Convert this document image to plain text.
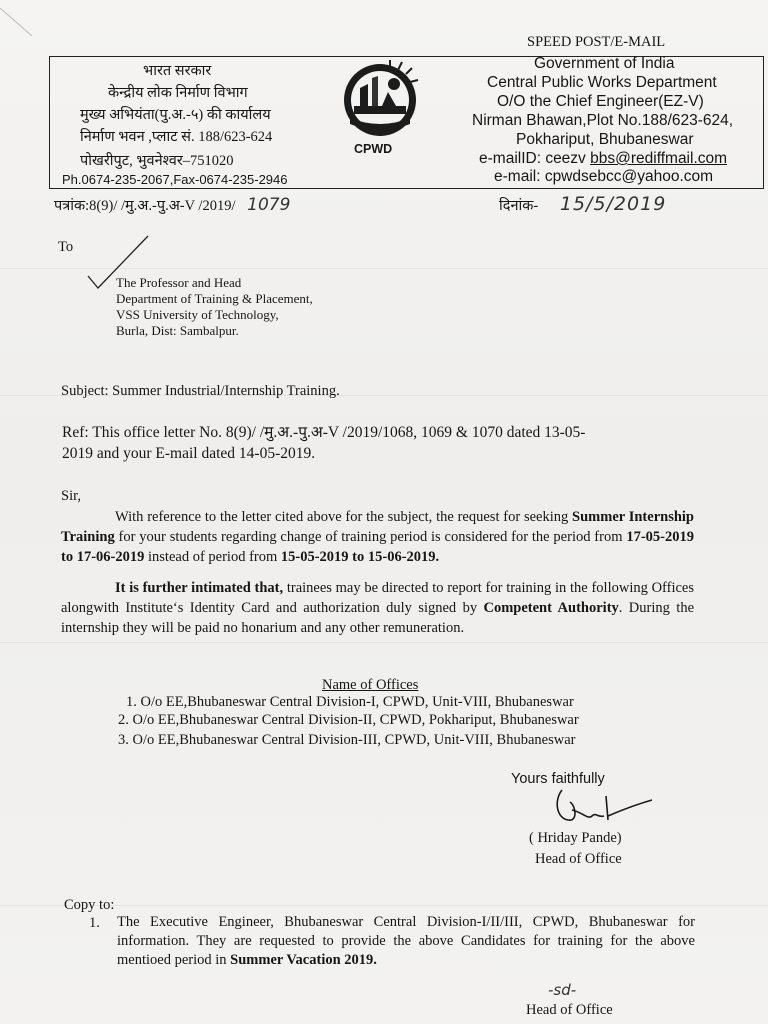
SPEED POST/E-MAIL
भारत सरकार
केन्द्रीय लोक निर्माण विभाग
मुख्य अभियंता(पु.अ.-५) की कार्यालय
निर्माण भवन ,प्लाट सं. 188/623-624
पोखरीपुट, भुवनेश्वर–751020
Ph.0674-235-2067,Fax-0674-235-2946
CPWD
Government of India
Central Public Works Department
O/O the Chief Engineer(EZ-V)
Nirman Bhawan,Plot No.188/623-624,
Pokhariput, Bhubaneswar
e-mailID: ceezv bbs@rediffmail.com
e-mail: cpwdsebcc@yahoo.com
पत्रांक:8(9)/ /मु.अ.-पु.अ-V /2019/ 1079	दिनांक- 15/5/2019
To
The Professor and Head
Department of Training & Placement,
VSS University of Technology,
Burla, Dist: Sambalpur.
Subject: Summer Industrial/Internship Training.
Ref: This office letter No. 8(9)/ /मु.अ.-पु.अ-V /2019/1068, 1069 & 1070 dated 13-05-
2019 and your E-mail dated 14-05-2019.
Sir,
With reference to the letter cited above for the subject, the request for seeking Summer Internship Training for your students regarding change of training period is considered for the period from 17-05-2019 to 17-06-2019 instead of period from 15-05-2019 to 15-06-2019.
It is further intimated that, trainees may be directed to report for training in the following Offices alongwith Institute‘s Identity Card and authorization duly signed by Competent Authority. During the internship they will be paid no honarium and any other remuneration.
Name of Offices
1. O/o EE,Bhubaneswar Central Division-I, CPWD, Unit-VIII, Bhubaneswar
2. O/o EE,Bhubaneswar Central Division-II, CPWD, Pokhariput, Bhubaneswar
3. O/o EE,Bhubaneswar Central Division-III, CPWD, Unit-VIII, Bhubaneswar
Yours faithfully
( Hriday Pande)
Head of Office
Copy to:
1. The Executive Engineer, Bhubaneswar Central Division-I/II/III, CPWD, Bhubaneswar for information. They are requested to provide the above Candidates for training for the above mentioed period in Summer Vacation 2019.
-sd-
Head of Office
